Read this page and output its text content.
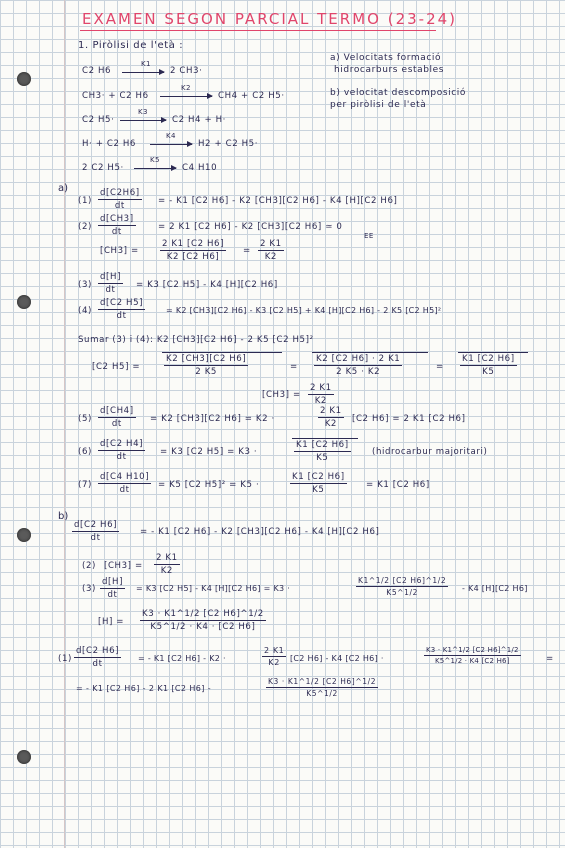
EXAMEN SEGON PARCIAL TERMO (23-24)
1. Piròlisi de l'età :
C2 H6
K1
→ 2 CH3·
CH3· + C2 H6
K2
→ CH4 + C2 H5·
C2 H5·
K3
→ C2 H4 + H·
H· + C2 H6
K4
→ H2 + C2 H5·
2 C2 H5·
K5
→ C4 H10
a) Velocitats formació
hidrocarburs estables
b) velocitat descomposició
per piròlisi de l'età
a)
$(1) \frac{d[C2H6]}{dt}$ = - K1 [C2 H6] - K2 [CH3][C2 H6] - K4 [H][C2 H6]
$(2) \frac{d[CH3]}{dt}$	= 2 K1 [C2 H6] - K2 [CH3][C2 H6] ≃ 0
EE
$[CH3] = \frac{2 K1 [C2 H6]}{K2 [C2 H6]} = \frac{2 K1}{K2}$
$(3) \frac{d[H]}{dt} = K3$ [C2 H5] - K4 [H][C2 H6]
$(4) \frac{d[C2 H5]}{dt}$	= K2 [CH3][C2 H6] - K3 [C2 H5] + K4 [H][C2 H6] - 2 K5 [C2 H5]²
Sumar (3) i (4): K2 [CH3][C2 H6] - 2 K5 [C2 H5]²
[C2 H5] =	$\frac{K2 [CH3][C2 H6]}{2 K5}$	= $\frac{K2 [C2 H6] \cdot 2 K1}{2 K5 \cdot K2}$	= $\frac{K1 [C2 H6]}{K5}$
$[CH3] = \frac{2 K1}{K2}$
$(5) \frac{d[CH4]}{dt} = K2$ [CH3][C2 H6] = K2 ·	$\frac{2 K1}{K2} [C2$ H6] = 2 K1 [C2 H6]
$(6) \frac{d[C2 H4]}{dt} = K3$ [C2 H5] = K3 ·	$\frac{K1 [C2 H6]}{K5}$ (hidrocarbur majoritari)
$(7) \frac{d[C4 H10]}{dt} = K5$ [C2 H5]² = K5 ·	$\frac{K1 [C2 H6]}{K5} = K1$ [C2 H6]
b)
$\frac{d[C2 H6]}{dt}$ = - K1 [C2 H6] - K2 [CH3][C2 H6] - K4 [H][C2 H6]
(2) $[CH3] = \frac{2 K1}{K2}$
$(3) \frac{d[H]}{dt} = K3$ [C2 H5] - K4 [H][C2 H6] = K3 ·	$\frac{K1\^{}1/2 [C2 H6]\^{}1/2}{K5\^{}1/2} - K4$ [H][C2 H6]
$[H] = \frac{K3 \cdot K1\^{}1/2 [C2 H6]\^{}1/2}{K5\^{}1/2 \cdot K4 \cdot [C2 H6]}$
$(1) \frac{d[C2 H6]}{dt}$ = - K1 [C2 H6] - K2 ·	$\frac{2 K1}{K2} [C2$ H6] - K4 [C2 H6] ·	$\frac{K3 \cdot K1\^{}1/2 [C2 H6]\^{}1/2}{K5\^{}1/2 \cdot K4 [C2 H6]}$	=
= - K1 [C2 H6] - 2 K1 [C2 H6] -	$\frac{K3 \cdot K1\^{}1/2 [C2 H6]\^{}1/2}{K5\^{}1/2}$
